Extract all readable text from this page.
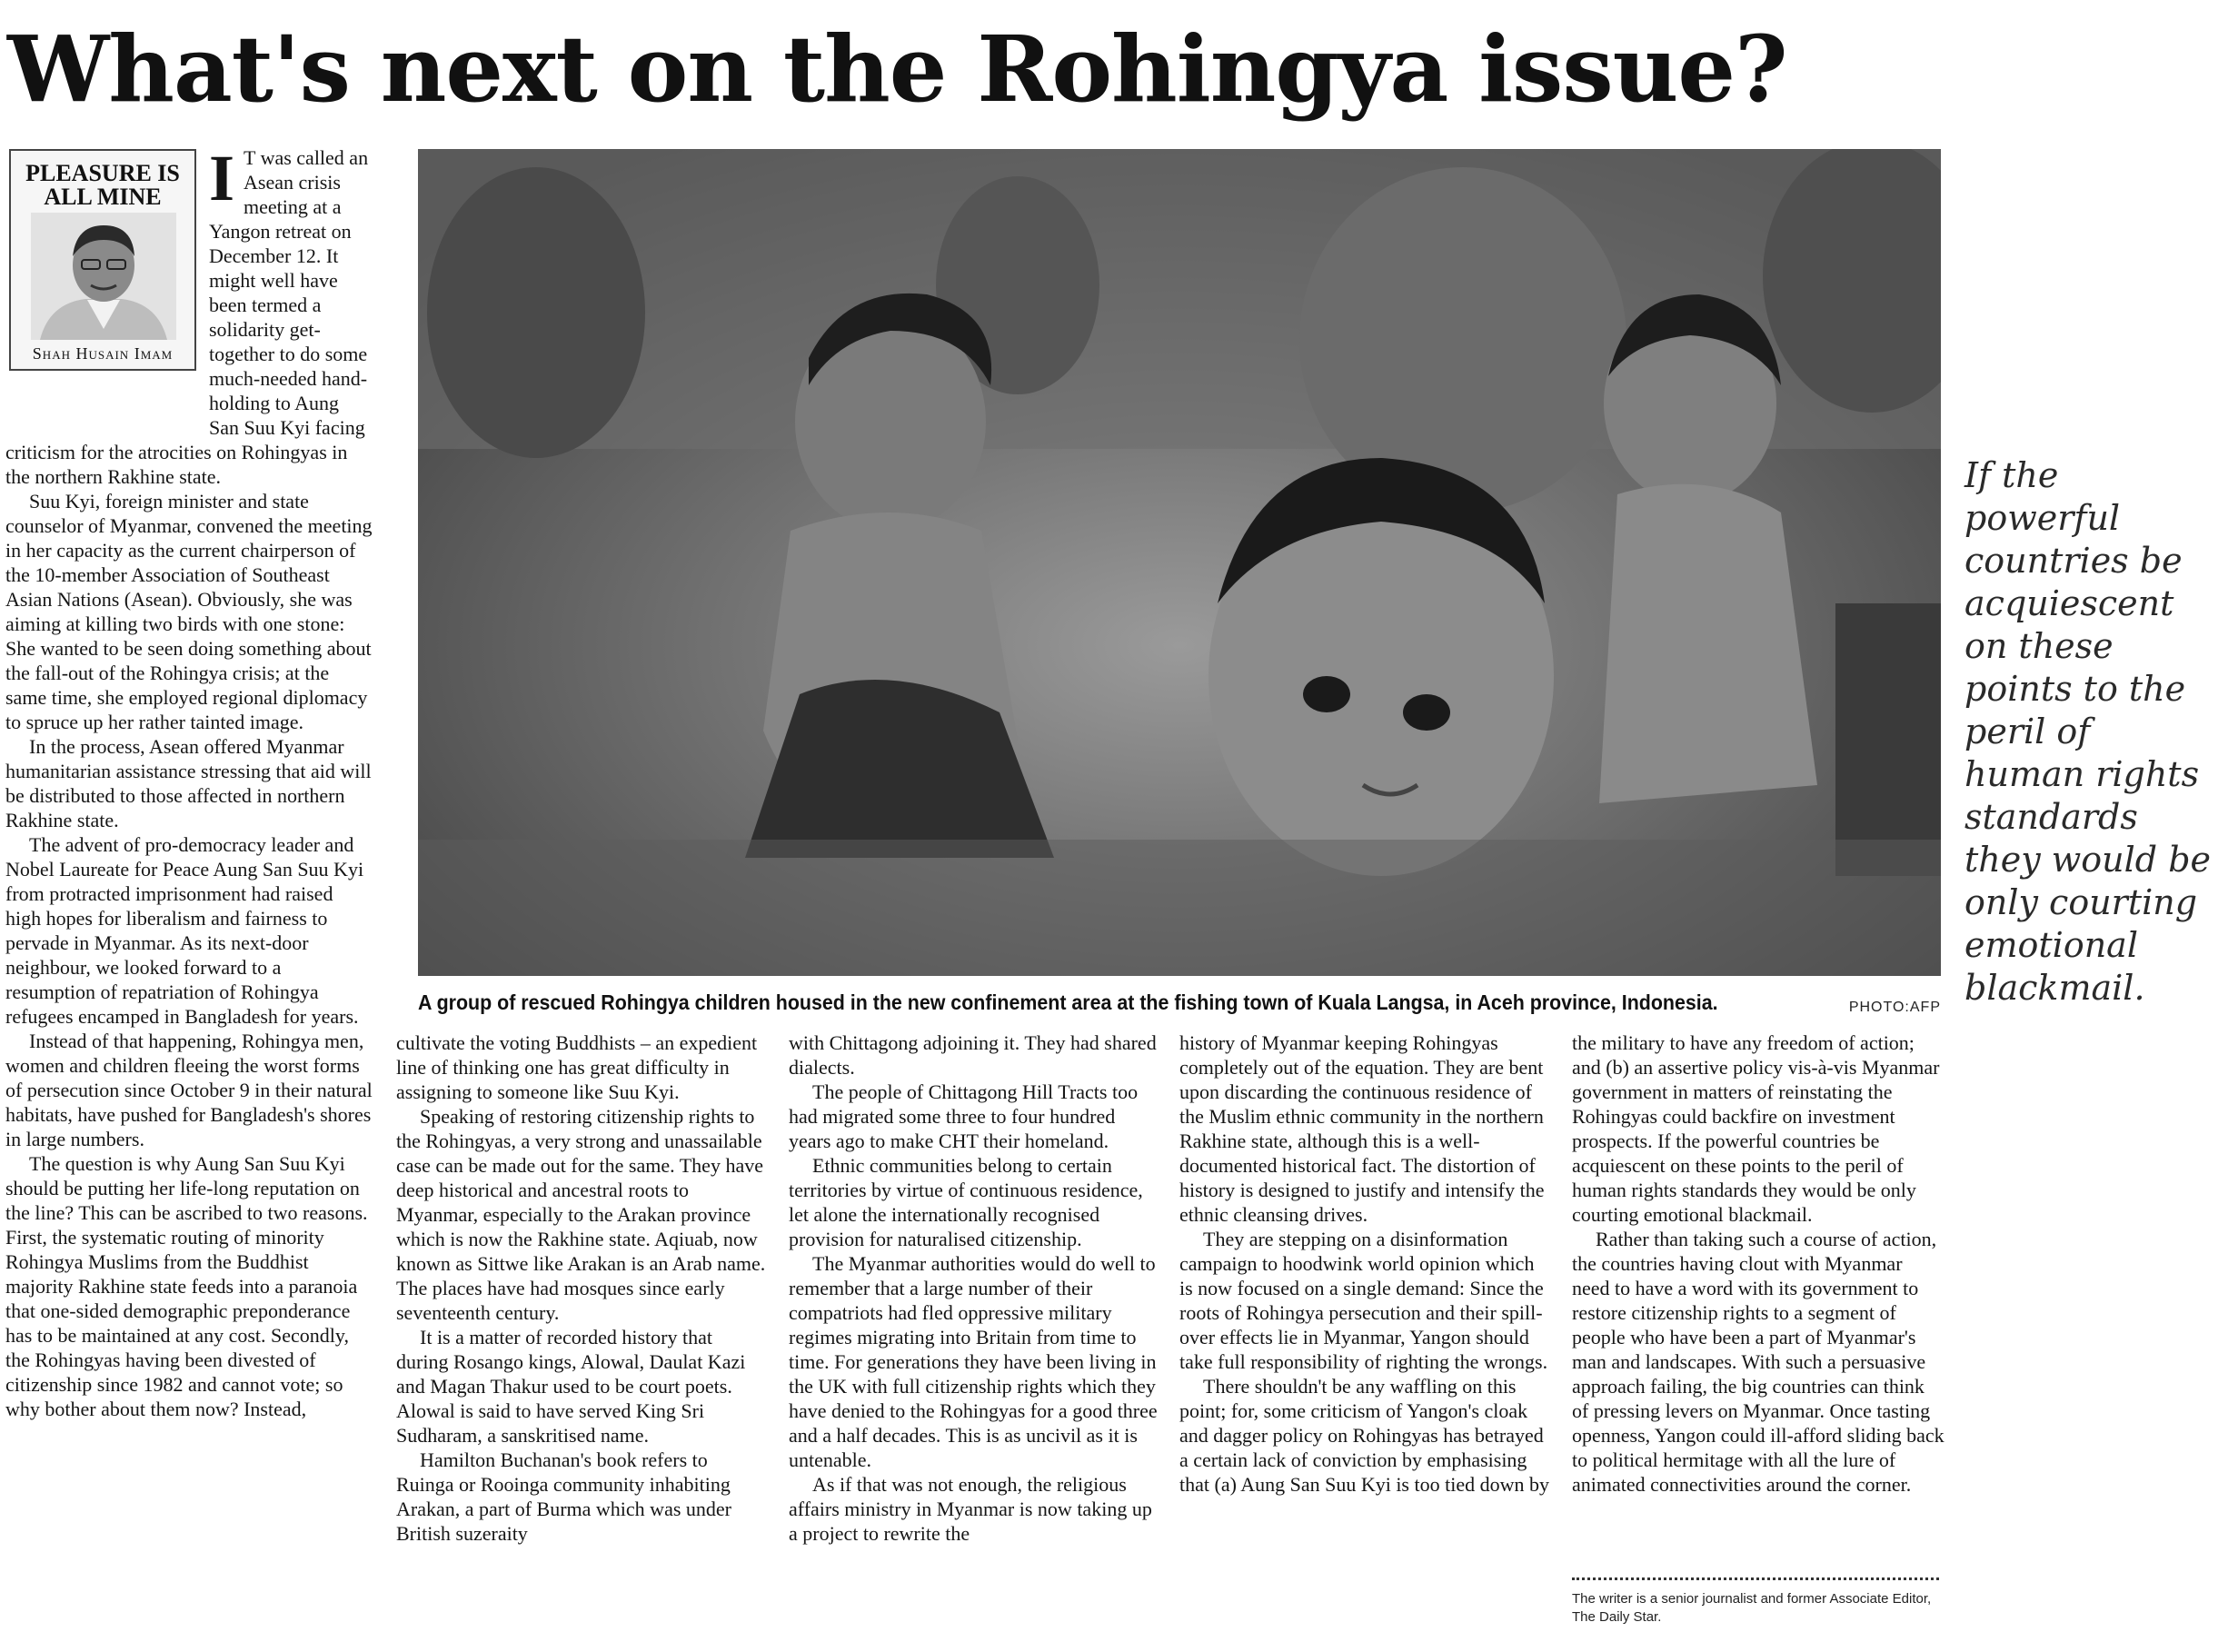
What's next on the Rohingya issue?
PLEASURE IS ALL MINE
Shah Husain Imam

I T was called an Asean crisis meeting at a Yangon retreat on December 12. It might well have been termed a solidarity get-together to do some much-needed hand-holding to Aung San Suu Kyi facing criticism for the atrocities on Rohingyas in the northern Rakhine state.

Suu Kyi, foreign minister and state counselor of Myanmar, convened the meeting in her capacity as the current chairperson of the 10-member Association of Southeast Asian Nations (Asean). Obviously, she was aiming at killing two birds with one stone: She wanted to be seen doing something about the fall-out of the Rohingya crisis; at the same time, she employed regional diplomacy to spruce up her rather tainted image.

In the process, Asean offered Myanmar humanitarian assistance stressing that aid will be distributed to those affected in northern Rakhine state.

The advent of pro-democracy leader and Nobel Laureate for Peace Aung San Suu Kyi from protracted imprisonment had raised high hopes for liberalism and fairness to pervade in Myanmar. As its next-door neighbour, we looked forward to a resumption of repatriation of Rohingya refugees encamped in Bangladesh for years.

Instead of that happening, Rohingya men, women and children fleeing the worst forms of persecution since October 9 in their natural habitats, have pushed for Bangladesh's shores in large numbers.

The question is why Aung San Suu Kyi should be putting her life-long reputation on the line? This can be ascribed to two reasons. First, the systematic routing of minority Rohingya Muslims from the Buddhist majority Rakhine state feeds into a paranoia that one-sided demographic preponderance has to be maintained at any cost. Secondly, the Rohingyas having been divested of citizenship since 1982 and cannot vote; so why bother about them now? Instead,

A group of rescued Rohingya children housed in the new confinement area at the fishing town of Kuala Langsa, in Aceh province, Indonesia.	PHOTO:AFP
If the powerful countries be acquiescent on these points to the peril of human rights standards they would be only courting emotional blackmail.

cultivate the voting Buddhists – an expedient line of thinking one has great difficulty in assigning to someone like Suu Kyi.

Speaking of restoring citizenship rights to the Rohingyas, a very strong and unassailable case can be made out for the same. They have deep historical and ancestral roots to Myanmar, especially to the Arakan province which is now the Rakhine state. Aqiuab, now known as Sittwe like Arakan is an Arab name. The places have had mosques since early seventeenth century.

It is a matter of recorded history that during Rosango kings, Alowal, Daulat Kazi and Magan Thakur used to be court poets. Alowal is said to have served King Sri Sudharam, a sanskritised name.

Hamilton Buchanan's book refers to Ruinga or Rooinga community inhabiting Arakan, a part of Burma which was under British suzeraity

with Chittagong adjoining it. They had shared dialects.

The people of Chittagong Hill Tracts too had migrated some three to four hundred years ago to make CHT their homeland.

Ethnic communities belong to certain territories by virtue of continuous residence, let alone the internationally recognised provision for naturalised citizenship.

The Myanmar authorities would do well to remember that a large number of their compatriots had fled oppressive military regimes migrating into Britain from time to time. For generations they have been living in the UK with full citizenship rights which they have denied to the Rohingyas for a good three and a half decades. This is as uncivil as it is untenable.

As if that was not enough, the religious affairs ministry in Myanmar is now taking up a project to rewrite the

history of Myanmar keeping Rohingyas completely out of the equation. They are bent upon discarding the continuous residence of the Muslim ethnic community in the northern Rakhine state, although this is a well-documented historical fact. The distortion of history is designed to justify and intensify the ethnic cleansing drives.

They are stepping on a disinformation campaign to hoodwink world opinion which is now focused on a single demand: Since the roots of Rohingya persecution and their spill-over effects lie in Myanmar, Yangon should take full responsibility of righting the wrongs.

There shouldn't be any waffling on this point; for, some criticism of Yangon's cloak and dagger policy on Rohingyas has betrayed a certain lack of conviction by emphasising that (a) Aung San Suu Kyi is too tied down by

the military to have any freedom of action; and (b) an assertive policy vis-à-vis Myanmar government in matters of reinstating the Rohingyas could backfire on investment prospects. If the powerful countries be acquiescent on these points to the peril of human rights standards they would be only courting emotional blackmail.

Rather than taking such a course of action, the countries having clout with Myanmar need to have a word with its government to restore citizenship rights to a segment of people who have been a part of Myanmar's man and landscapes. With such a persuasive approach failing, the big countries can think of pressing levers on Myanmar. Once tasting openness, Yangon could ill-afford sliding back to political hermitage with all the lure of animated connectivities around the corner.

The writer is a senior journalist and former Associate Editor, The Daily Star.
